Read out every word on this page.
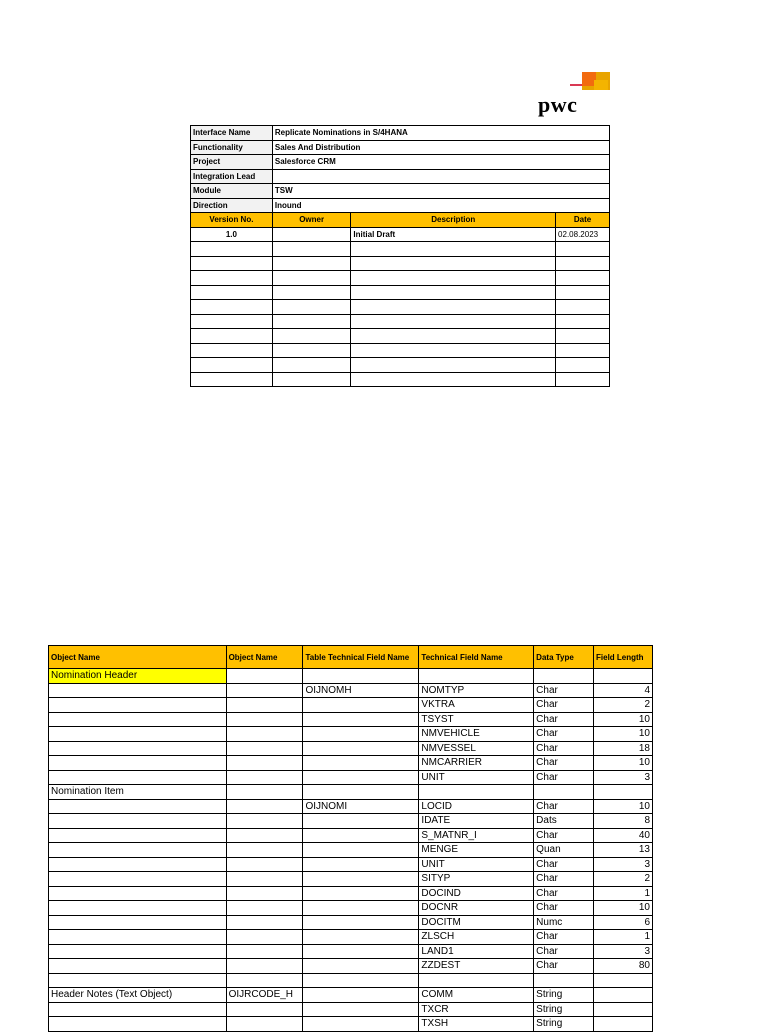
pwc
Interface Name	Replicate Nominations in S/4HANA		
Functionality	Sales And Distribution		
Project	Salesforce CRM		
Integration Lead			
Module	TSW		
Direction	Inound		
Version No.	Owner	Description	Date
1.0		Initial Draft	02.08.2023

Object Name	Object Name	Table Technical Field Name	Technical Field Name	Data Type	Field Length
Nomination Header					
		OIJNOMH	NOMTYP	Char	4
			VKTRA	Char	2
			TSYST	Char	10
			NMVEHICLE	Char	10
			NMVESSEL	Char	18
			NMCARRIER	Char	10
			UNIT	Char	3
Nomination Item					
		OIJNOMI	LOCID	Char	10
			IDATE	Dats	8
			S_MATNR_I	Char	40
			MENGE	Quan	13
			UNIT	Char	3
			SITYP	Char	2
			DOCIND	Char	1
			DOCNR	Char	10
			DOCITM	Numc	6
			ZLSCH	Char	1
			LAND1	Char	3
			ZZDEST	Char	80

Header Notes (Text Object)	OIJRCODE_H		COMM	String	
			TXCR	String	
			TXSH	String	
